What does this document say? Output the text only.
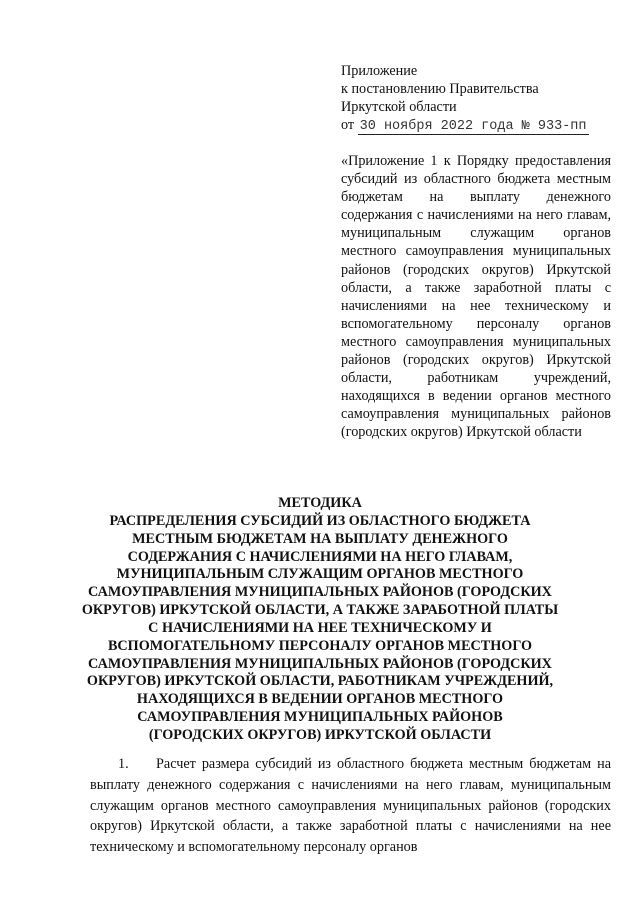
Приложение
к постановлению Правительства
Иркутской области
от 30 ноября 2022 года № 933-пп
«Приложение 1 к Порядку предоставления субсидий из областного бюджета местным бюджетам на выплату денежного содержания с начислениями на него главам, муниципальным служащим органов местного самоуправления муниципальных районов (городских округов) Иркутской области, а также заработной платы с начислениями на нее техническому и вспомогательному персоналу органов местного самоуправления муниципальных районов (городских округов) Иркутской области, работникам учреждений, находящихся в ведении органов местного самоуправления муниципальных районов (городских округов) Иркутской области
МЕТОДИКА
РАСПРЕДЕЛЕНИЯ СУБСИДИЙ ИЗ ОБЛАСТНОГО БЮДЖЕТА
МЕСТНЫМ БЮДЖЕТАМ НА ВЫПЛАТУ ДЕНЕЖНОГО
СОДЕРЖАНИЯ С НАЧИСЛЕНИЯМИ НА НЕГО ГЛАВАМ,
МУНИЦИПАЛЬНЫМ СЛУЖАЩИМ ОРГАНОВ МЕСТНОГО
САМОУПРАВЛЕНИЯ МУНИЦИПАЛЬНЫХ РАЙОНОВ (ГОРОДСКИХ
ОКРУГОВ) ИРКУТСКОЙ ОБЛАСТИ, А ТАКЖЕ ЗАРАБОТНОЙ ПЛАТЫ
С НАЧИСЛЕНИЯМИ НА НЕЕ ТЕХНИЧЕСКОМУ И
ВСПОМОГАТЕЛЬНОМУ ПЕРСОНАЛУ ОРГАНОВ МЕСТНОГО
САМОУПРАВЛЕНИЯ МУНИЦИПАЛЬНЫХ РАЙОНОВ (ГОРОДСКИХ
ОКРУГОВ) ИРКУТСКОЙ ОБЛАСТИ, РАБОТНИКАМ УЧРЕЖДЕНИЙ,
НАХОДЯЩИХСЯ В ВЕДЕНИИ ОРГАНОВ МЕСТНОГО
САМОУПРАВЛЕНИЯ МУНИЦИПАЛЬНЫХ РАЙОНОВ
(ГОРОДСКИХ ОКРУГОВ) ИРКУТСКОЙ ОБЛАСТИ
1. Расчет размера субсидий из областного бюджета местным бюджетам на выплату денежного содержания с начислениями на него главам, муниципальным служащим органов местного самоуправления муниципальных районов (городских округов) Иркутской области, а также заработной платы с начислениями на нее техническому и вспомогательному персоналу органов
